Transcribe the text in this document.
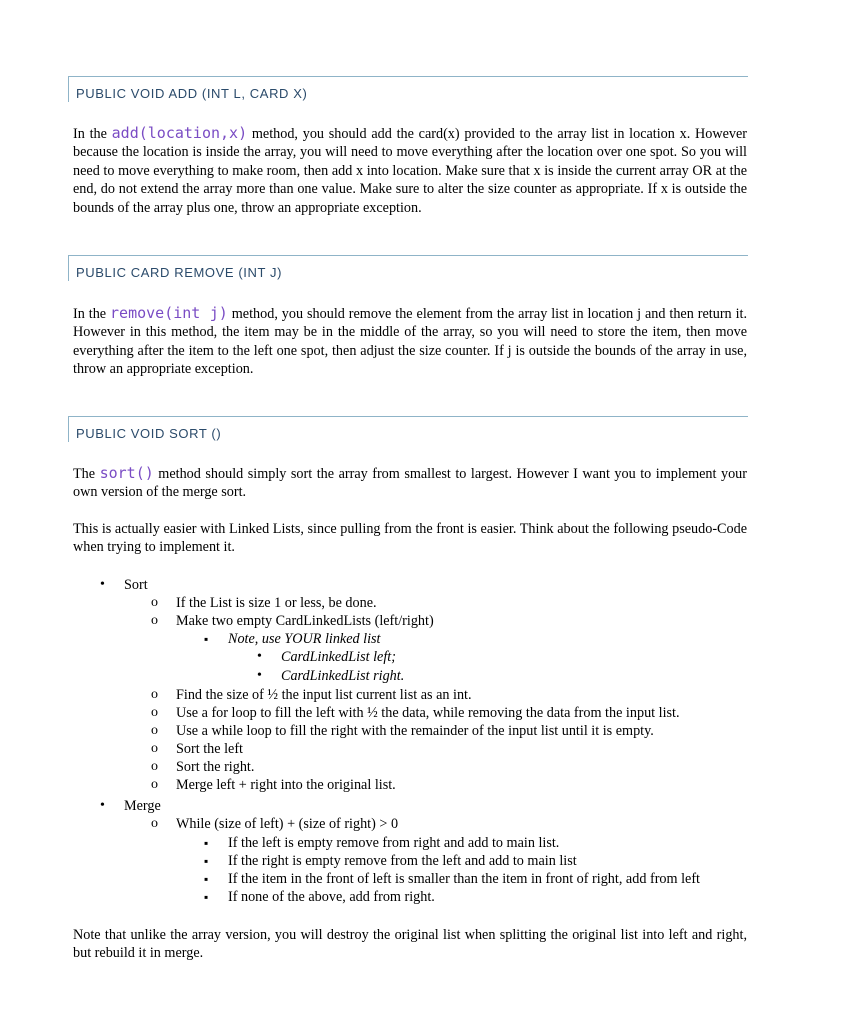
PUBLIC VOID ADD (INT L, CARD X)

In the add(location,x) method, you should add the card(x) provided to the array list in location x. However because the location is inside the array, you will need to move everything after the location over one spot. So you will need to move everything to make room, then add x into location. Make sure that x is inside the current array OR at the end, do not extend the array more than one value. Make sure to alter the size counter as appropriate. If x is outside the bounds of the array plus one, throw an appropriate exception.

PUBLIC CARD REMOVE (INT J)

In the remove(int j) method, you should remove the element from the array list in location j and then return it. However in this method, the item may be in the middle of the array, so you will need to store the item, then move everything after the item to the left one spot, then adjust the size counter. If j is outside the bounds of the array in use, throw an appropriate exception.

PUBLIC VOID SORT ()

The sort() method should simply sort the array from smallest to largest. However I want you to implement your own version of the merge sort.

This is actually easier with Linked Lists, since pulling from the front is easier. Think about the following pseudo-Code when trying to implement it.

• Sort
o If the List is size 1 or less, be done.
o Make two empty CardLinkedLists (left/right)
▪ Note, use YOUR linked list
• CardLinkedList left;
• CardLinkedList right.
o Find the size of ½ the input list current list as an int.
o Use a for loop to fill the left with ½ the data, while removing the data from the input list.
o Use a while loop to fill the right with the remainder of the input list until it is empty.
o Sort the left
o Sort the right.
o Merge left + right into the original list.
• Merge
o While (size of left) + (size of right) > 0
▪ If the left is empty remove from right and add to main list.
▪ If the right is empty remove from the left and add to main list
▪ If the item in the front of left is smaller than the item in front of right, add from left
▪ If none of the above, add from right.

Note that unlike the array version, you will destroy the original list when splitting the original list into left and right, but rebuild it in merge.
